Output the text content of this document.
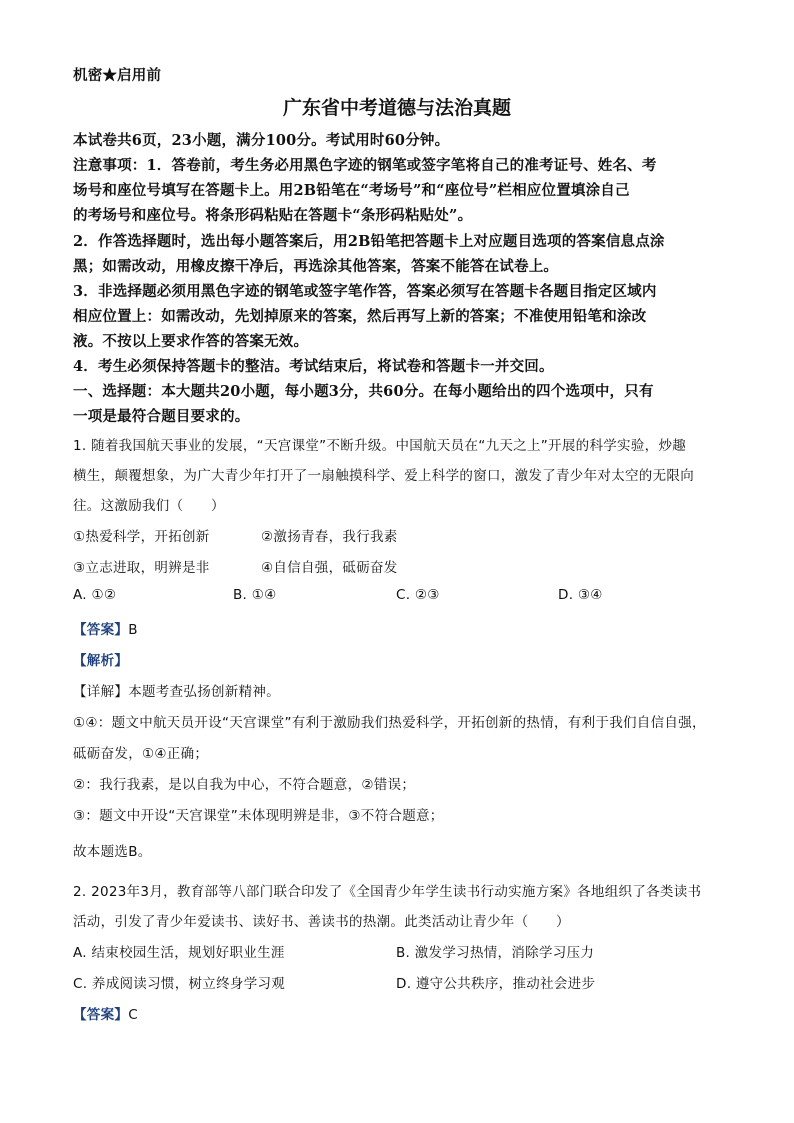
机密★启用前
广东省中考道德与法治真题
本试卷共6页，23小题，满分100分。考试用时60分钟。
注意事项：1．答卷前，考生务必用黑色字迹的钢笔或签字笔将自己的准考证号、姓名、考
场号和座位号填写在答题卡上。用2B铅笔在“考场号”和“座位号”栏相应位置填涂自己
的考场号和座位号。将条形码粘贴在答题卡“条形码粘贴处”。
2．作答选择题时，选出每小题答案后，用2B铅笔把答题卡上对应题目选项的答案信息点涂
黑；如需改动，用橡皮擦干净后，再选涂其他答案，答案不能答在试卷上。
3．非选择题必须用黑色字迹的钢笔或签字笔作答，答案必须写在答题卡各题目指定区域内
相应位置上：如需改动，先划掉原来的答案，然后再写上新的答案；不准使用铅笔和涂改
液。不按以上要求作答的答案无效。
4．考生必须保持答题卡的整洁。考试结束后，将试卷和答题卡一并交回。
一、选择题：本大题共20小题，每小题3分，共60分。在每小题给出的四个选项中，只有
一项是最符合题目要求的。
1. 随着我国航天事业的发展，“天宫课堂”不断升级。中国航天员在“九天之上”开展的科学实验，炒趣
横生，颠覆想象，为广大青少年打开了一扇触摸科学、爱上科学的窗口，激发了青少年对太空的无限向
往。这激励我们（　　）
①热爱科学，开拓创新	②激扬青春，我行我素
③立志进取，明辨是非	④自信自强，砥砺奋发
A. ①②	B. ①④	C. ②③	D. ③④
【答案】B
【解析】
【详解】本题考查弘扬创新精神。
①④：题文中航天员开设“天宫课堂”有利于激励我们热爱科学，开拓创新的热情，有利于我们自信自强，
砥砺奋发，①④正确；
②：我行我素，是以自我为中心，不符合题意，②错误；
③：题文中开设“天宫课堂”未体现明辨是非，③不符合题意；
故本题选B。
2. 2023年3月，教育部等八部门联合印发了《全国青少年学生读书行动实施方案》各地组织了各类读书
活动，引发了青少年爱读书、读好书、善读书的热潮。此类活动让青少年（　　）
A. 结束校园生活，规划好职业生涯	B. 激发学习热情，消除学习压力
C. 养成阅读习惯，树立终身学习观	D. 遵守公共秩序，推动社会进步
【答案】C
